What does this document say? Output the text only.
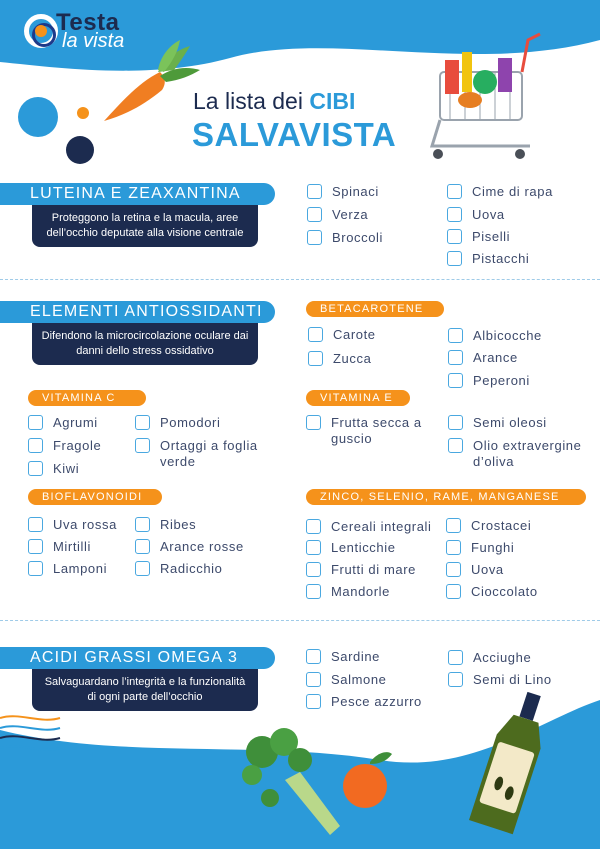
Testa
la vista
La lista dei CIBI
SALVAVISTA
LUTEINA E ZEAXANTINA
Proteggono la retina e la macula, aree dell’occhio deputate alla visione centrale
Spinaci
Verza
Broccoli
Cime di rapa
Uova
Piselli
Pistacchi
ELEMENTI ANTIOSSIDANTI
Difendono la microcircolazione oculare dai danni dello stress ossidativo
BETACAROTENE
Carote
Zucca
Albicocche
Arance
Peperoni
VITAMINA C
Agrumi
Fragole
Kiwi
Pomodori
Ortaggi a foglia verde
VITAMINA E
Frutta secca a guscio
Semi oleosi
Olio extravergine d’oliva
BIOFLAVONOIDI
Uva rossa
Mirtilli
Lamponi
Ribes
Arance rosse
Radicchio
ZINCO, SELENIO, RAME, MANGANESE
Cereali integrali
Lenticchie
Frutti di mare
Mandorle
Crostacei
Funghi
Uova
Cioccolato
ACIDI GRASSI OMEGA 3
Salvaguardano l’integrità e la funzionalità di ogni parte dell’occhio
Sardine
Salmone
Pesce azzurro
Acciughe
Semi di Lino
